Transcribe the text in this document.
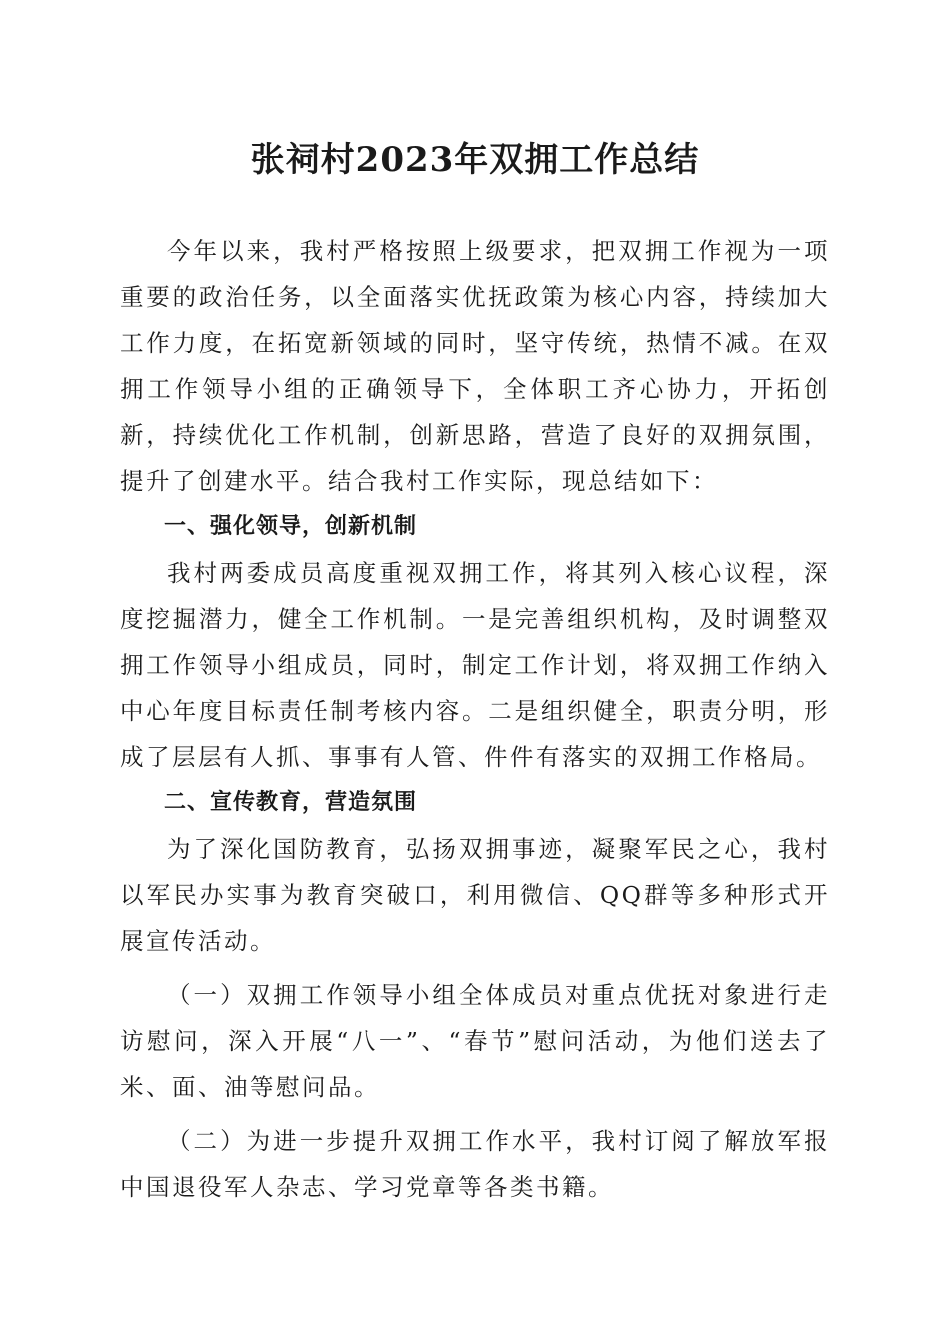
张祠村2023年双拥工作总结

今年以来，我村严格按照上级要求，把双拥工作视为一项重要的政治任务，以全面落实优抚政策为核心内容，持续加大工作力度，在拓宽新领域的同时，坚守传统，热情不减。在双拥工作领导小组的正确领导下，全体职工齐心协力，开拓创新，持续优化工作机制，创新思路，营造了良好的双拥氛围，提升了创建水平。结合我村工作实际，现总结如下：

一、强化领导，创新机制

我村两委成员高度重视双拥工作，将其列入核心议程，深度挖掘潜力，健全工作机制。一是完善组织机构，及时调整双拥工作领导小组成员，同时，制定工作计划，将双拥工作纳入中心年度目标责任制考核内容。二是组织健全，职责分明，形成了层层有人抓、事事有人管、件件有落实的双拥工作格局。

二、宣传教育，营造氛围

为了深化国防教育，弘扬双拥事迹，凝聚军民之心，我村以军民办实事为教育突破口，利用微信、QQ群等多种形式开展宣传活动。

（一）双拥工作领导小组全体成员对重点优抚对象进行走访慰问，深入开展“八一”、“春节”慰问活动，为他们送去了米、面、油等慰问品。

（二）为进一步提升双拥工作水平，我村订阅了解放军报中国退役军人杂志、学习党章等各类书籍。
